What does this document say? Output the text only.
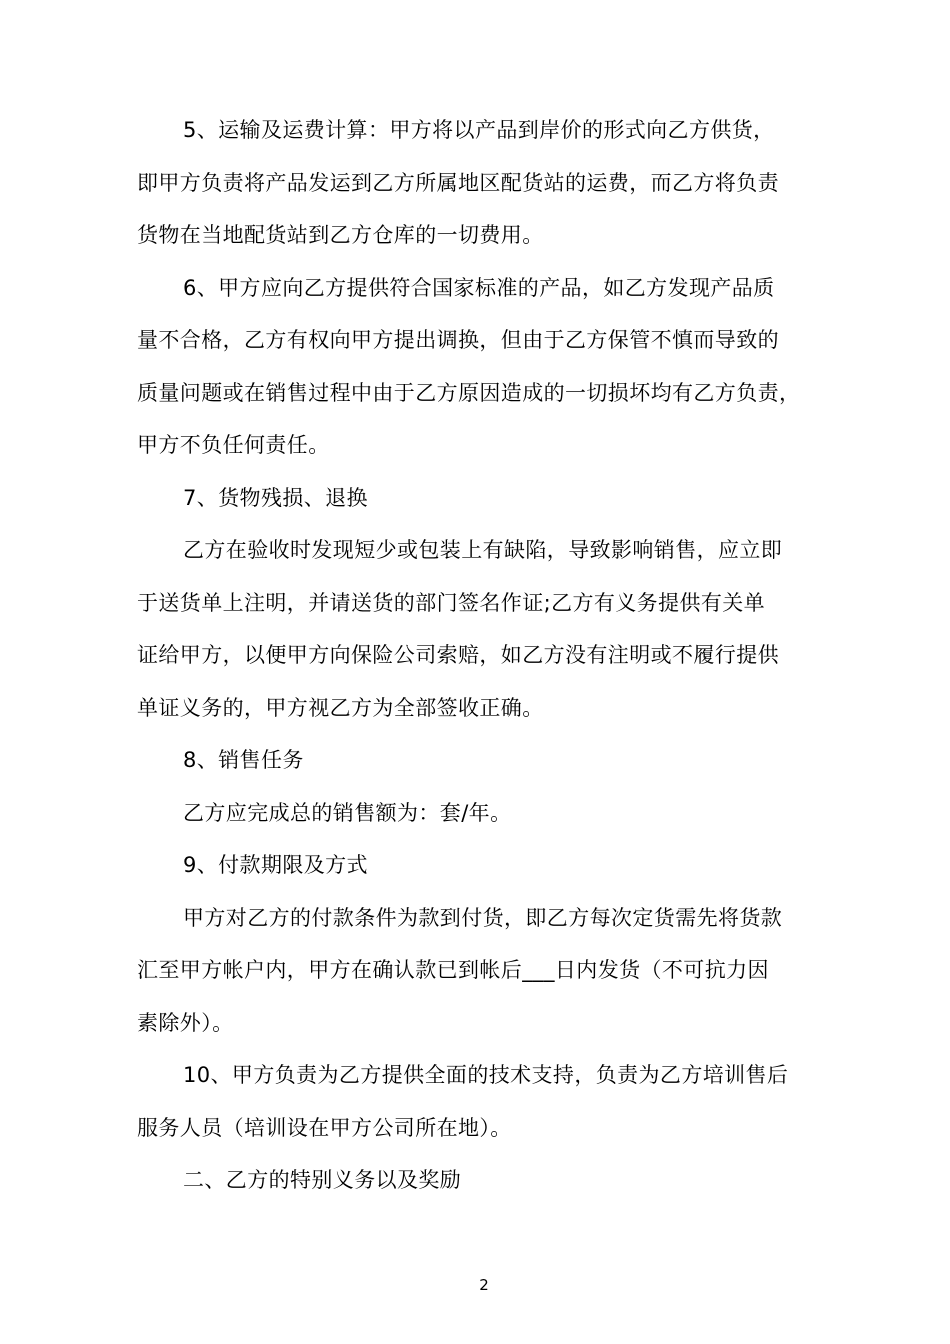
5、运输及运费计算：甲方将以产品到岸价的形式向乙方供货，
即甲方负责将产品发运到乙方所属地区配货站的运费，而乙方将负责
货物在当地配货站到乙方仓库的一切费用。
6、甲方应向乙方提供符合国家标准的产品，如乙方发现产品质
量不合格，乙方有权向甲方提出调换，但由于乙方保管不慎而导致的
质量问题或在销售过程中由于乙方原因造成的一切损坏均有乙方负责，
甲方不负任何责任。
7、货物残损、退换
乙方在验收时发现短少或包装上有缺陷，导致影响销售，应立即
于送货单上注明，并请送货的部门签名作证;乙方有义务提供有关单
证给甲方，以便甲方向保险公司索赔，如乙方没有注明或不履行提供
单证义务的，甲方视乙方为全部签收正确。
8、销售任务
乙方应完成总的销售额为：套/年。
9、付款期限及方式
甲方对乙方的付款条件为款到付货，即乙方每次定货需先将货款
汇至甲方帐户内，甲方在确认款已到帐后___日内发货（不可抗力因
素除外）。
10、甲方负责为乙方提供全面的技术支持，负责为乙方培训售后
服务人员（培训设在甲方公司所在地）。
二、乙方的特别义务以及奖励
2
